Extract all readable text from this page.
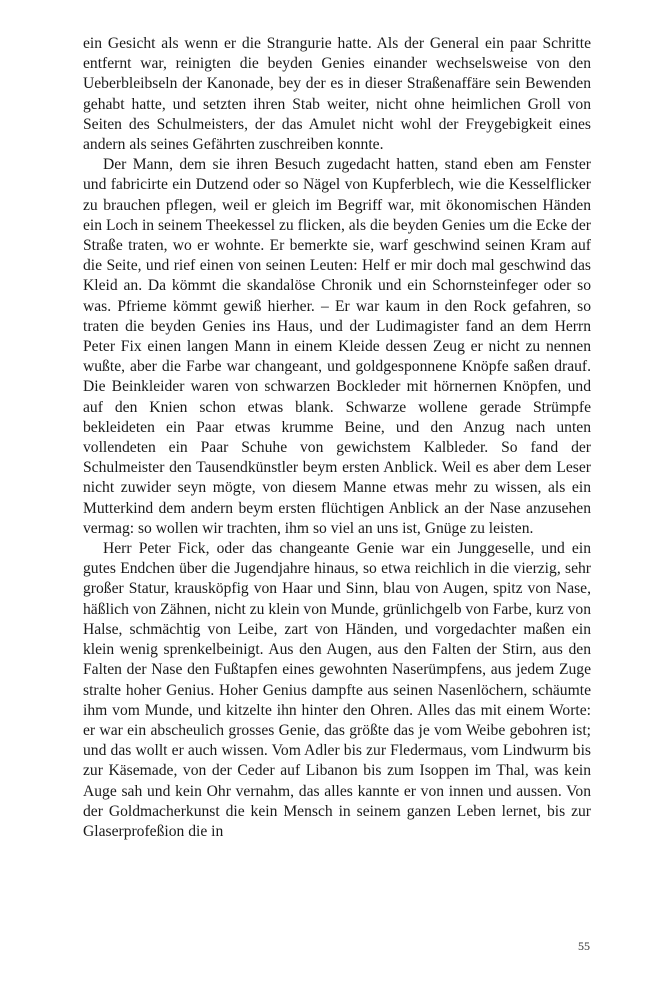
ein Gesicht als wenn er die Strangurie hatte. Als der General ein paar Schritte entfernt war, reinigten die beyden Genies einander wechselsweise von den Ueberbleibseln der Kanonade, bey der es in dieser Straßenaffäre sein Bewenden gehabt hatte, und setzten ihren Stab weiter, nicht ohne heimlichen Groll von Seiten des Schulmeisters, der das Amulet nicht wohl der Freygebigkeit eines andern als seines Gefährten zuschreiben konnte.

Der Mann, dem sie ihren Besuch zugedacht hatten, stand eben am Fenster und fabricirte ein Dutzend oder so Nägel von Kupferblech, wie die Kesselflicker zu brauchen pflegen, weil er gleich im Begriff war, mit ökonomischen Händen ein Loch in seinem Theekessel zu flicken, als die beyden Genies um die Ecke der Straße traten, wo er wohnte. Er bemerkte sie, warf geschwind seinen Kram auf die Seite, und rief einen von seinen Leuten: Helf er mir doch mal geschwind das Kleid an. Da kömmt die skandalöse Chronik und ein Schornsteinfeger oder so was. Pfrieme kömmt gewiß hierher. – Er war kaum in den Rock gefahren, so traten die beyden Genies ins Haus, und der Ludimagister fand an dem Herrn Peter Fix einen langen Mann in einem Kleide dessen Zeug er nicht zu nennen wußte, aber die Farbe war changeant, und goldgesponnene Knöpfe saßen drauf. Die Beinkleider waren von schwarzen Bockleder mit hörnernen Knöpfen, und auf den Knien schon etwas blank. Schwarze wollene gerade Strümpfe bekleideten ein Paar etwas krumme Beine, und den Anzug nach unten vollendeten ein Paar Schuhe von gewichstem Kalbleder. So fand der Schulmeister den Tausendkünstler beym ersten Anblick. Weil es aber dem Leser nicht zuwider seyn mögte, von diesem Manne etwas mehr zu wissen, als ein Mutterkind dem andern beym ersten flüchtigen Anblick an der Nase anzusehen vermag: so wollen wir trachten, ihm so viel an uns ist, Gnüge zu leisten.

Herr Peter Fick, oder das changeante Genie war ein Junggeselle, und ein gutes Endchen über die Jugendjahre hinaus, so etwa reichlich in die vierzig, sehr großer Statur, krausköpfig von Haar und Sinn, blau von Augen, spitz von Nase, häßlich von Zähnen, nicht zu klein von Munde, grünlichgelb von Farbe, kurz von Halse, schmächtig von Leibe, zart von Händen, und vorgedachter maßen ein klein wenig sprenkelbeinigt. Aus den Augen, aus den Falten der Stirn, aus den Falten der Nase den Fußtapfen eines gewohnten Naserümpfens, aus jedem Zuge stralte hoher Genius. Hoher Genius dampfte aus seinen Nasenlöchern, schäumte ihm vom Munde, und kitzelte ihn hinter den Ohren. Alles das mit einem Worte: er war ein abscheulich grosses Genie, das größte das je vom Weibe gebohren ist; und das wollt er auch wissen. Vom Adler bis zur Fledermaus, vom Lindwurm bis zur Käsemade, von der Ceder auf Libanon bis zum Isoppen im Thal, was kein Auge sah und kein Ohr vernahm, das alles kannte er von innen und aussen. Von der Goldmacherkunst die kein Mensch in seinem ganzen Leben lernet, bis zur Glaserprofeßion die in

55
